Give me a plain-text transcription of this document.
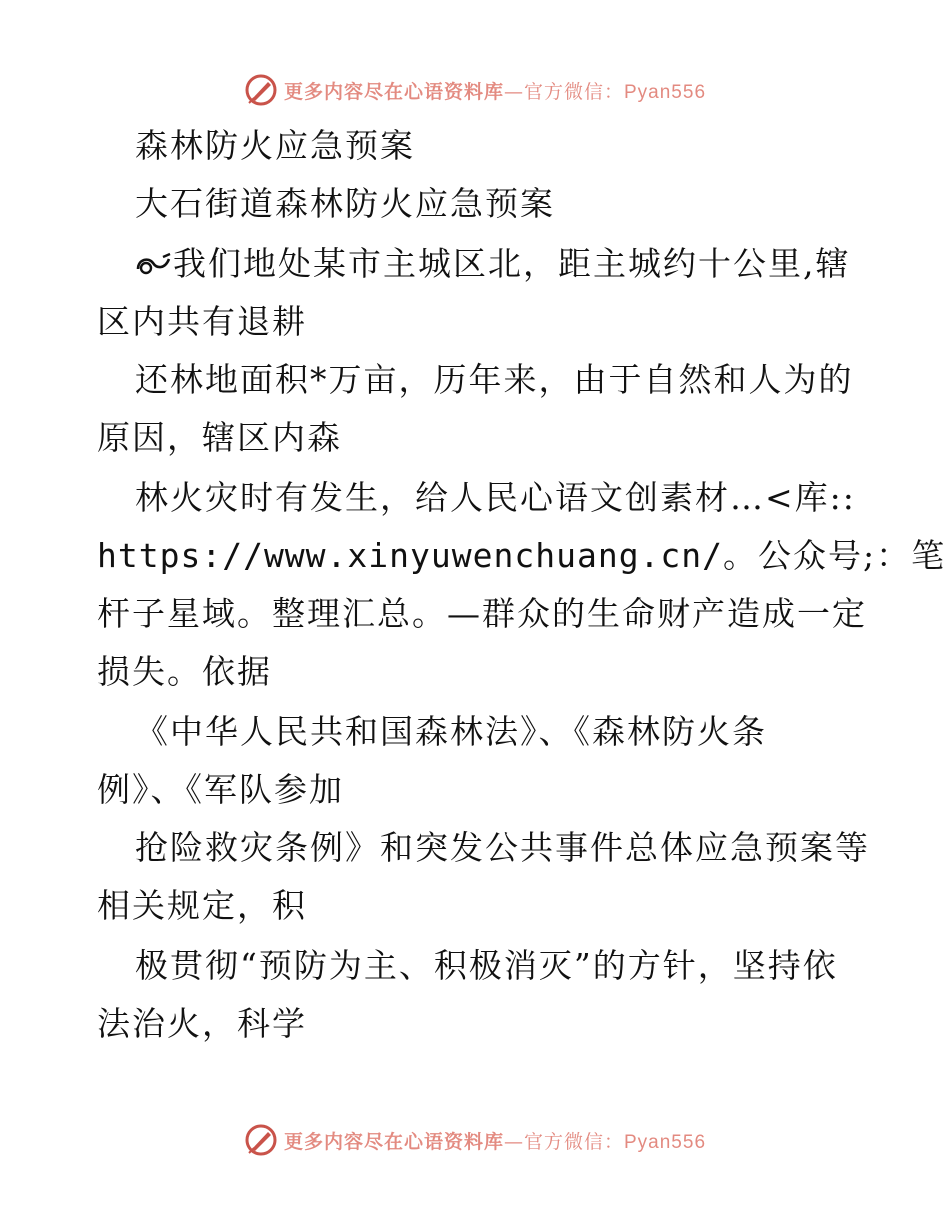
更多内容尽在心语资料库—官方微信：Pyan556
森林防火应急预案
大石街道森林防火应急预案
我们地处某市主城区北，距主城约十公里,辖
区内共有退耕
还林地面积*万亩，历年来，由于自然和人为的
原因，辖区内森
林火灾时有发生，给人民心语文创素材…<库::
https://www.xinyuwenchuang.cn/。公众号;：笔
杆子星域。整理汇总。—群众的生命财产造成一定
损失。依据
《中华人民共和国森林法》、《森林防火条
例》、《军队参加
抢险救灾条例》和突发公共事件总体应急预案等
相关规定，积
极贯彻“预防为主、积极消灭”的方针，坚持依
法治火，科学
更多内容尽在心语资料库—官方微信：Pyan556
